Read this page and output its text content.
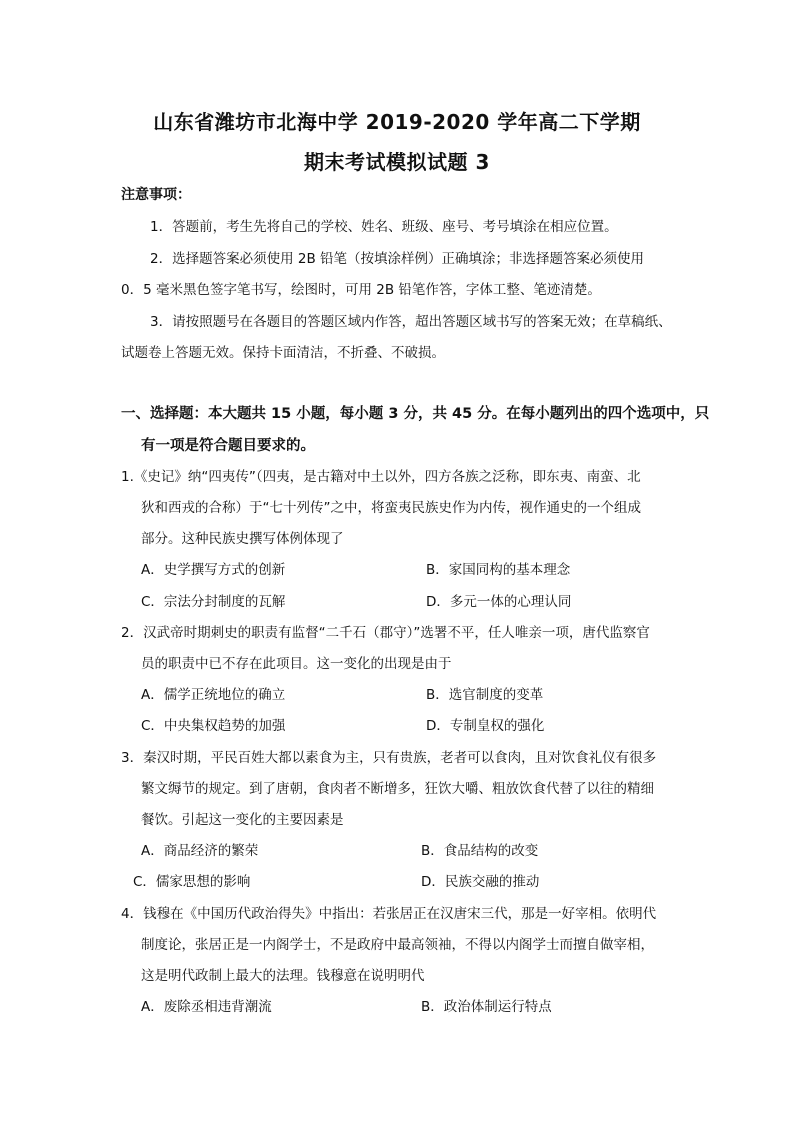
山东省潍坊市北海中学 2019-2020 学年高二下学期
期末考试模拟试题 3
注意事项：
1．答题前，考生先将自己的学校、姓名、班级、座号、考号填涂在相应位置。
2．选择题答案必须使用 2B 铅笔（按填涂样例）正确填涂；非选择题答案必须使用
0．5 毫米黑色签字笔书写，绘图时，可用 2B 铅笔作答，字体工整、笔迹清楚。
3．请按照题号在各题目的答题区域内作答，超出答题区域书写的答案无效；在草稿纸、
试题卷上答题无效。保持卡面清洁，不折叠、不破损。
一、选择题：本大题共 15 小题，每小题 3 分，共 45 分。在每小题列出的四个选项中，只
有一项是符合题目要求的。
1.《史记》纳“四夷传”（四夷，是古籍对中土以外，四方各族之泛称，即东夷、南蛮、北
狄和西戎的合称）于“七十列传”之中，将蛮夷民族史作为内传，视作通史的一个组成
部分。这种民族史撰写体例体现了
A．史学撰写方式的创新	B．家国同构的基本理念
C．宗法分封制度的瓦解	D．多元一体的心理认同
2．汉武帝时期刺史的职责有监督“二千石（郡守）”选署不平，任人唯亲一项，唐代监察官
员的职责中已不存在此项目。这一变化的出现是由于
A．儒学正统地位的确立	B．选官制度的变革
C．中央集权趋势的加强	D．专制皇权的强化
3．秦汉时期，平民百姓大都以素食为主，只有贵族，老者可以食肉，且对饮食礼仪有很多
繁文缛节的规定。到了唐朝，食肉者不断增多，狂饮大嚼、粗放饮食代替了以往的精细
餐饮。引起这一变化的主要因素是
A．商品经济的繁荣	B．食品结构的改变
C．儒家思想的影响	D．民族交融的推动
4．钱穆在《中国历代政治得失》中指出：若张居正在汉唐宋三代，那是一好宰相。依明代
制度论，张居正是一内阁学士，不是政府中最高领袖，不得以内阁学士而擅自做宰相，
这是明代政制上最大的法理。钱穆意在说明明代
A．废除丞相违背潮流	B．政治体制运行特点
